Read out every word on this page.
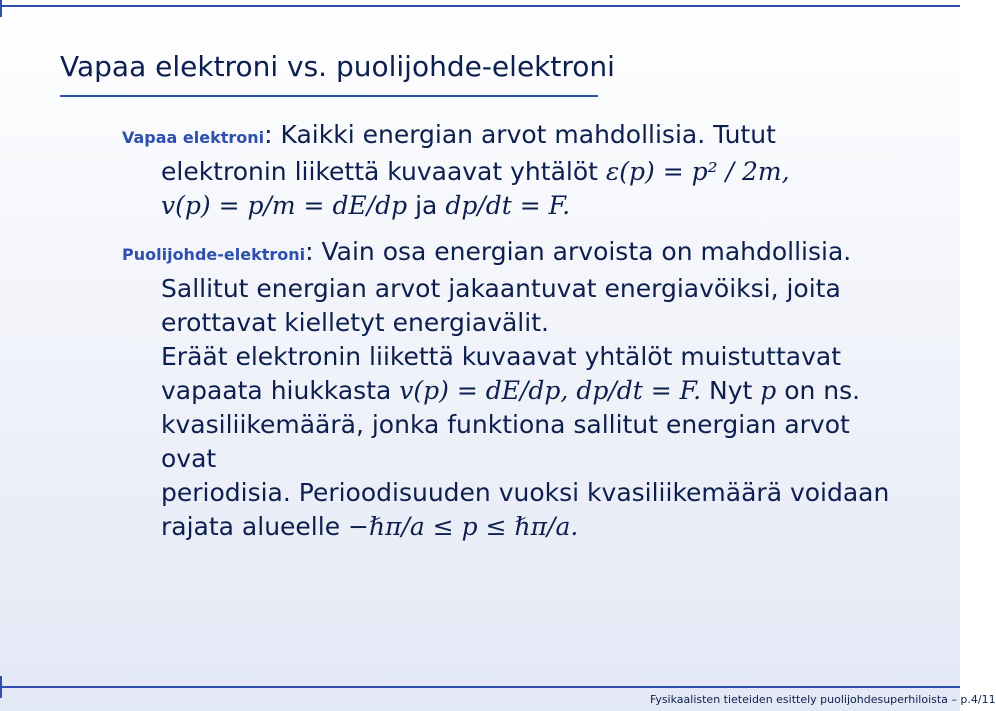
Vapaa elektroni vs. puolijohde-elektroni
Vapaa elektroni: Kaikki energian arvot mahdollisia. Tutut
elektronin liikettä kuvaavat yhtälöt ε(p) = p² / 2m,
v(p) = p/m = dE/dp ja dp/dt = F.
Puolijohde-elektroni: Vain osa energian arvoista on mahdollisia.
Sallitut energian arvot jakaantuvat energiavöiksi, joita
erottavat kielletyt energiavälit.
Eräät elektronin liikettä kuvaavat yhtälöt muistuttavat
vapaata hiukkasta v(p) = dE/dp, dp/dt = F. Nyt p on ns.
kvasiliikemäärä, jonka funktiona sallitut energian arvot ovat
periodisia. Perioodisuuden vuoksi kvasiliikemäärä voidaan
rajata alueelle −ℏπ/a ≤ p ≤ ℏπ/a.
Fysikaalisten tieteiden esittely puolijohdesuperhiloista – p.4/11
